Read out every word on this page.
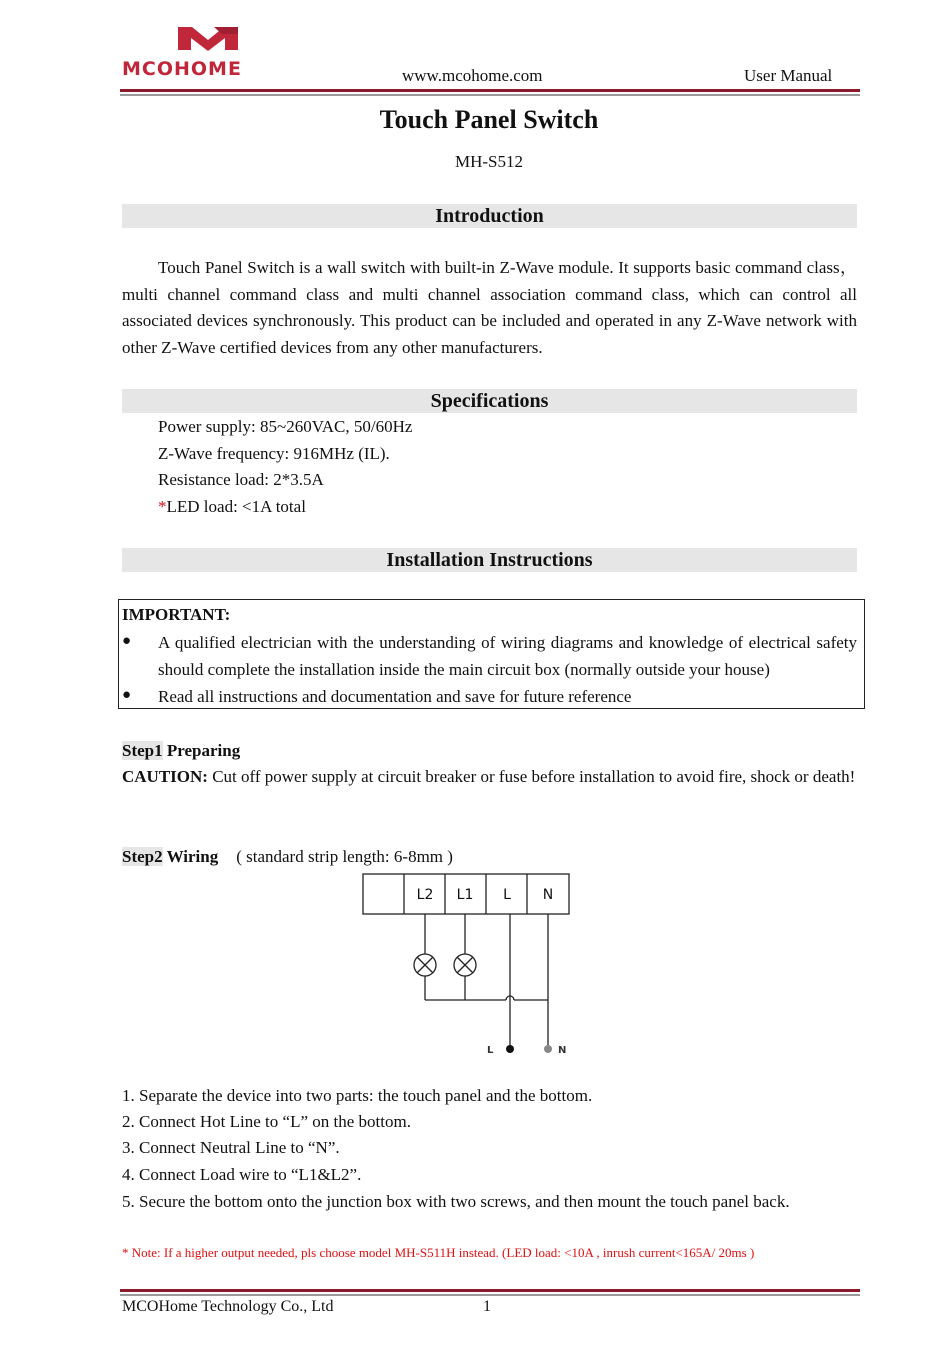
MCOHOME	www.mcohome.com	User Manual
Touch Panel Switch
MH-S512
Introduction
Touch Panel Switch is a wall switch with built-in Z-Wave module. It supports basic command class，multi channel command class and multi channel association command class, which can control all associated devices synchronously. This product can be included and operated in any Z-Wave network with other Z-Wave certified devices from any other manufacturers.
Specifications
Power supply: 85~260VAC, 50/60Hz
Z-Wave frequency: 916MHz (IL).
Resistance load: 2*3.5A
*LED load: <1A total
Installation Instructions
IMPORTANT:
● A qualified electrician with the understanding of wiring diagrams and knowledge of electrical safety should complete the installation inside the main circuit box (normally outside your house)
● Read all instructions and documentation and save for future reference
Step1 Preparing
CAUTION: Cut off power supply at circuit breaker or fuse before installation to avoid fire, shock or death!
Step2 Wiring ( standard strip length: 6-8mm )
L2 L1 L N
L	N
1. Separate the device into two parts: the touch panel and the bottom.
2. Connect Hot Line to “L” on the bottom.
3. Connect Neutral Line to “N”.
4. Connect Load wire to “L1&L2”.
5. Secure the bottom onto the junction box with two screws, and then mount the touch panel back.
* Note: If a higher output needed, pls choose model MH-S511H instead. (LED load: <10A , inrush current<165A/ 20ms )
MCOHome Technology Co., Ltd	1
